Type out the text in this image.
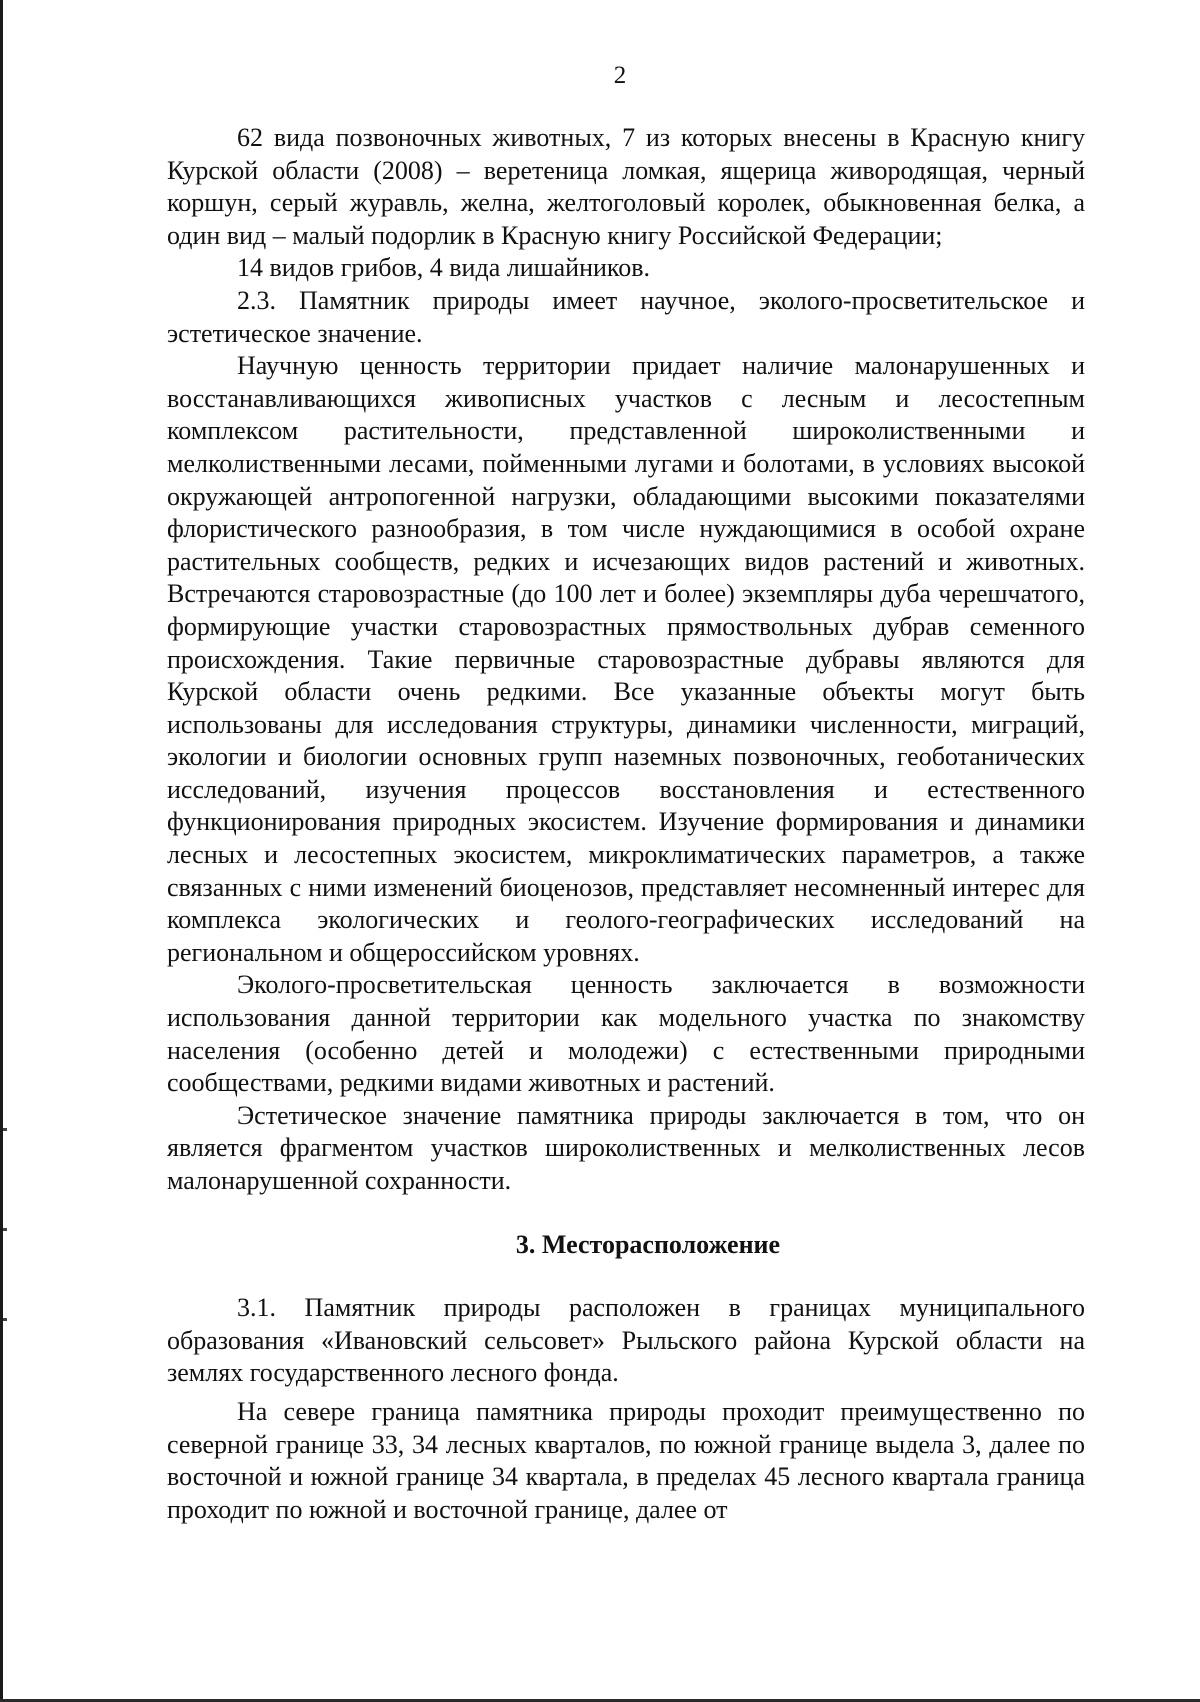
2

62 вида позвоночных животных, 7 из которых внесены в Красную книгу Курской области (2008) – веретеница ломкая, ящерица живородящая, черный коршун, серый журавль, желна, желтоголовый королек, обыкновенная белка, а один вид – малый подорлик в Красную книгу Российской Федерации;

14 видов грибов, 4 вида лишайников.

2.3. Памятник природы имеет научное, эколого-просветительское и эстетическое значение.

Научную ценность территории придает наличие малонарушенных и восстанавливающихся живописных участков с лесным и лесостепным комплексом растительности, представленной широколиственными и мелколиственными лесами, пойменными лугами и болотами, в условиях высокой окружающей антропогенной нагрузки, обладающими высокими показателями флористического разнообразия, в том числе нуждающимися в особой охране растительных сообществ, редких и исчезающих видов растений и животных. Встречаются старовозрастные (до 100 лет и более) экземпляры дуба черешчатого, формирующие участки старовозрастных прямоствольных дубрав семенного происхождения. Такие первичные старовозрастные дубравы являются для Курской области очень редкими. Все указанные объекты могут быть использованы для исследования структуры, динамики численности, миграций, экологии и биологии основных групп наземных позвоночных, геоботанических исследований, изучения процессов восстановления и естественного функционирования природных экосистем. Изучение формирования и динамики лесных и лесостепных экосистем, микроклиматических параметров, а также связанных с ними изменений биоценозов, представляет несомненный интерес для комплекса экологических и геолого-географических исследований на региональном и общероссийском уровнях.

Эколого-просветительская ценность заключается в возможности использования данной территории как модельного участка по знакомству населения (особенно детей и молодежи) с естественными природными сообществами, редкими видами животных и растений.

Эстетическое значение памятника природы заключается в том, что он является фрагментом участков широколиственных и мелколиственных лесов малонарушенной сохранности.

3. Месторасположение

3.1. Памятник природы расположен в границах муниципального образования «Ивановский сельсовет» Рыльского района Курской области на землях государственного лесного фонда.

На севере граница памятника природы проходит преимущественно по северной границе 33, 34 лесных кварталов, по южной границе выдела 3, далее по восточной и южной границе 34 квартала, в пределах 45 лесного квартала граница проходит по южной и восточной границе, далее от
